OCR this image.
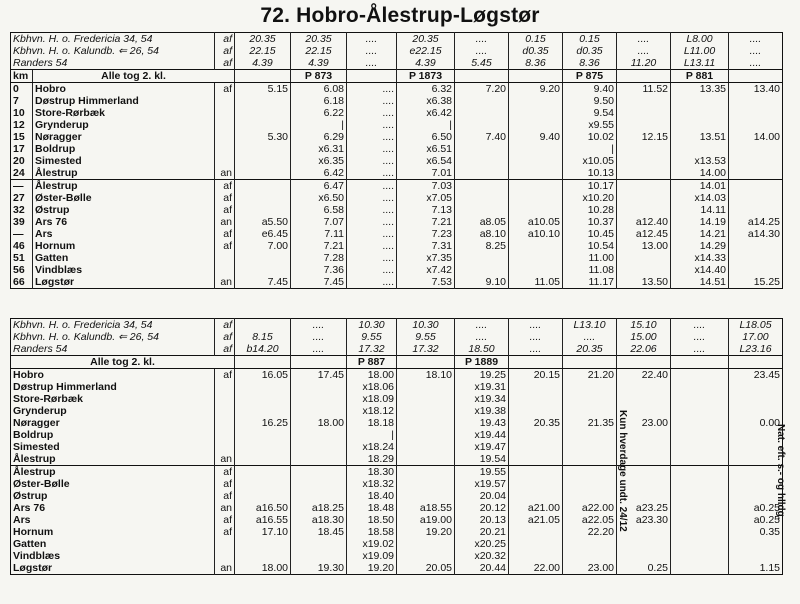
72. Hobro-Ålestrup-Løgstør
Kbhvn. H. o. Fredericia 34, 54		af	20.35	20.35	....	20.35	....	0.15	0.15	....	L8.00	....
Kbhvn. H. o. Kalundb. ⇐ 26, 54		af	22.15	22.15	....	e22.15	....	d0.35	d0.35	....	L11.00	....
Randers 54		af	4.39	4.39	....	4.39	5.45	8.36	8.36	11.20	L13.11	....
km	Alle tog 2. kl.			P 873		P 1873			P 875		P 881	
0	Hobro	af	5.15	6.08	....	6.32	7.20	9.20	9.40	11.52	13.35	13.40
7	Døstrup Himmerland			6.18	....	x6.38			9.50			
10	Store-Rørbæk			6.22	....	x6.42			9.54			
12	Grynderup			|	....	|			x9.55			
15	Nøragger		5.30	6.29	....	6.50	7.40	9.40	10.02	12.15	13.51	14.00
17	Boldrup			x6.31	....	x6.51			|			
20	Simested			x6.35	....	x6.54			x10.05		x13.53	
24	Ålestrup	an		6.42	....	7.01			10.13		14.00	
—	Ålestrup	af		6.47	....	7.03			10.17		14.01	
27	Øster-Bølle	af		x6.50	....	x7.05			x10.20		x14.03	
32	Østrup	af		6.58	....	7.13			10.28		14.11	
39	Ars 76	an	a5.50	7.07	....	7.21	a8.05	a10.05	10.37	a12.40	14.19	a14.25
—	Ars	af	e6.45	7.11	....	7.23	a8.10	a10.10	10.45	a12.45	14.21	a14.30
46	Hornum	af	7.00	7.21	....	7.31	8.25		10.54	13.00	14.29	
51	Gatten			7.28	....	x7.35			11.00		x14.33	
56	Vindblæs			7.36	....	x7.42			11.08		x14.40	
66	Løgstør	an	7.45	7.45	....	7.53	9.10	11.05	11.17	13.50	14.51	15.25
Kbhvn. H. o. Fredericia 34, 54	af		....	10.30	10.30	....	....	L13.10	15.10	....	L18.05
Kbhvn. H. o. Kalundb. ⇐ 26, 54	af	8.15	....	9.55	9.55	....	....	....	15.00	....	17.00
Randers 54	af	b14.20	....	17.32	17.32	18.50	....	20.35	22.06	....	L23.16
Alle tog 2. kl.				P 887		P 1889					
Hobro	af	16.05	17.45	18.00	18.10	19.25	20.15	21.20	22.40		23.45
Døstrup Himmerland				x18.06		x19.31					
Store-Rørbæk				x18.09		x19.34					
Grynderup				x18.12		x19.38					
Nøragger		16.25	18.00	18.18		19.43	20.35	21.35	23.00		0.00
Boldrup				|		x19.44					
Simested				x18.24		x19.47					
Ålestrup	an			18.29		19.54					
Ålestrup	af			18.30		19.55					
Øster-Bølle	af			x18.32		x19.57					
Østrup	af			18.40		20.04					
Ars 76	an	a16.50	a18.25	18.48	a18.55	20.12	a21.00	a22.00	a23.25		a0.25
Ars	af	a16.55	a18.30	18.50	a19.00	20.13	a21.05	a22.05	a23.30		a0.25
Hornum	af	17.10	18.45	18.58	19.20	20.21		22.20			0.35
Gatten				x19.02		x20.25					
Vindblæs				x19.09		x20.32					
Løgstør	an	18.00	19.30	19.20	20.05	20.44	22.00	23.00	0.25		1.15
Kun hverdage undt. 24/12	Nat. eft. s.- og hlldg.
